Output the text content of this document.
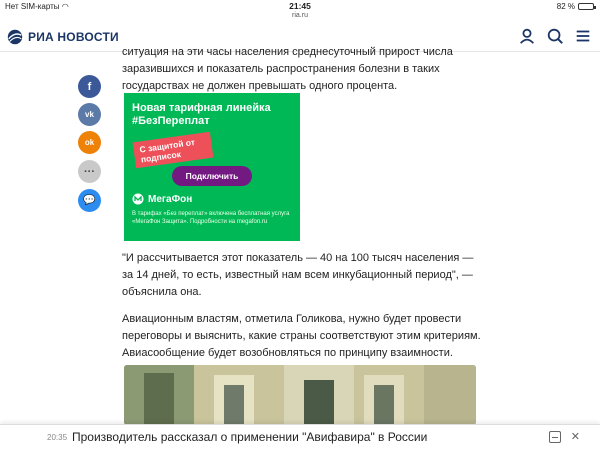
Нет SIM-карты ◠	21:45
ria.ru
82 %
РИА НОВОСТИ
f
vk
ok
···
💬
ситуация на эти часы населения среднесуточный прирост числа
заразившихся и показатель распространения болезни в таких
государствах не должен превышать одного процента.
Новая тарифная линейка
#БезПереплат
С защитой от подписок
Подключить
МегаФон
В тарифах «Без переплат» включена бесплатная услуга «МегаФон Защита». Подробности на megafon.ru

"И рассчитывается этот показатель — 40 на 100 тысяч населения — за 14 дней, то есть, известный нам всем инкубационный период", — объяснила она.

Авиационным властям, отметила Голикова, нужно будет провести переговоры и выяснить, какие страны соответствуют этим критериям. Авиасообщение будет возобновляться по принципу взаимности.

20:35 Производитель рассказал о применении "Авифавира" в России	✕
